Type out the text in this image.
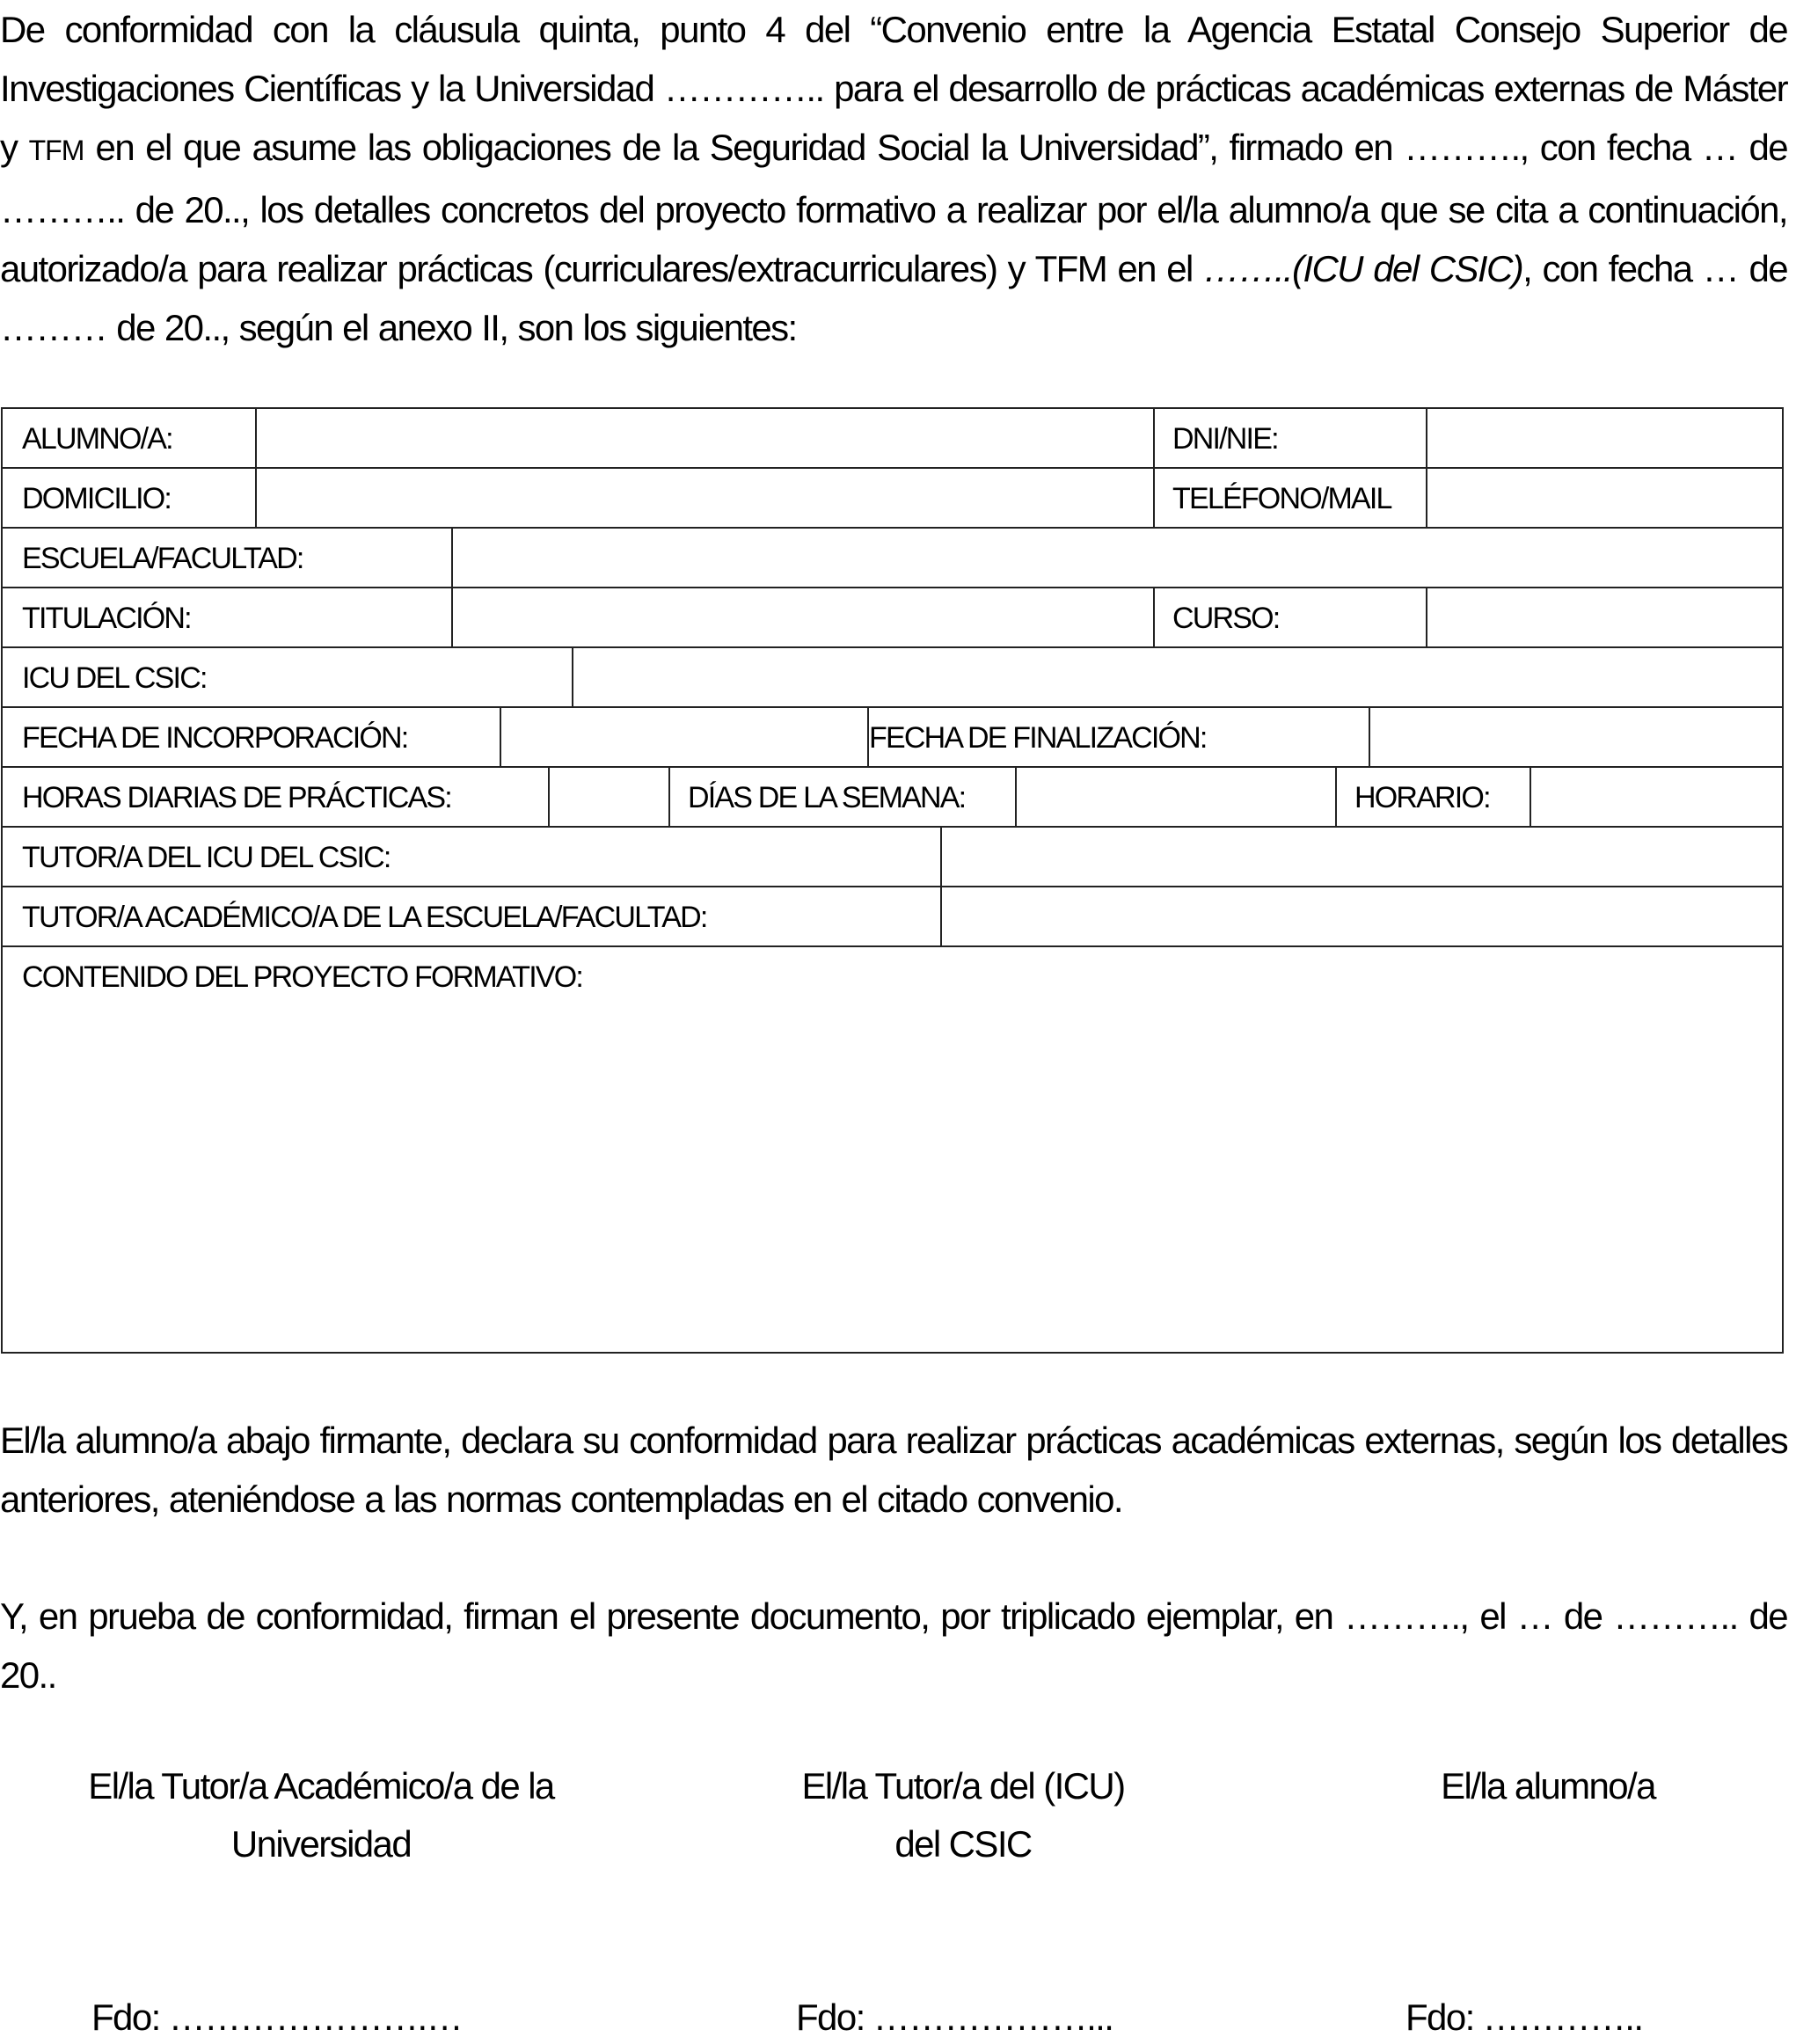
De conformidad con la cláusula quinta, punto 4 del “Convenio entre la Agencia Estatal Consejo Superior de Investigaciones Científicas y la Universidad ………….. para el desarrollo de prácticas académicas externas de Máster y TFM en el que asume las obligaciones de la Seguridad Social la Universidad”, firmado en ………., con fecha … de ……….. de 20.., los detalles concretos del proyecto formativo a realizar por el/la alumno/a que se cita a continuación, autorizado/a para realizar prácticas (curriculares/extracurriculares) y TFM en el ……..(ICU del CSIC), con fecha … de ……… de 20.., según el anexo II, son los siguientes:
ALUMNO/A:	DNI/NIE:
DOMICILIO:	TELÉFONO/MAIL
ESCUELA/FACULTAD:
TITULACIÓN:	CURSO:
ICU DEL CSIC:
FECHA DE INCORPORACIÓN:	FECHA DE FINALIZACIÓN:
HORAS DIARIAS DE PRÁCTICAS:	DÍAS DE LA SEMANA:	HORARIO:
TUTOR/A DEL ICU DEL CSIC:
TUTOR/A ACADÉMICO/A DE LA ESCUELA/FACULTAD:
CONTENIDO DEL PROYECTO FORMATIVO:
El/la alumno/a abajo firmante, declara su conformidad para realizar prácticas académicas externas, según los detalles anteriores, ateniéndose a las normas contempladas en el citado convenio.
Y, en prueba de conformidad, firman el presente documento, por triplicado ejemplar, en ………., el … de ……….. de 20..
El/la Tutor/a Académico/a de la
Universidad
El/la Tutor/a del (ICU)
del CSIC
El/la alumno/a
Fdo: ………………….…	Fdo: ………………...	Fdo: …………..
